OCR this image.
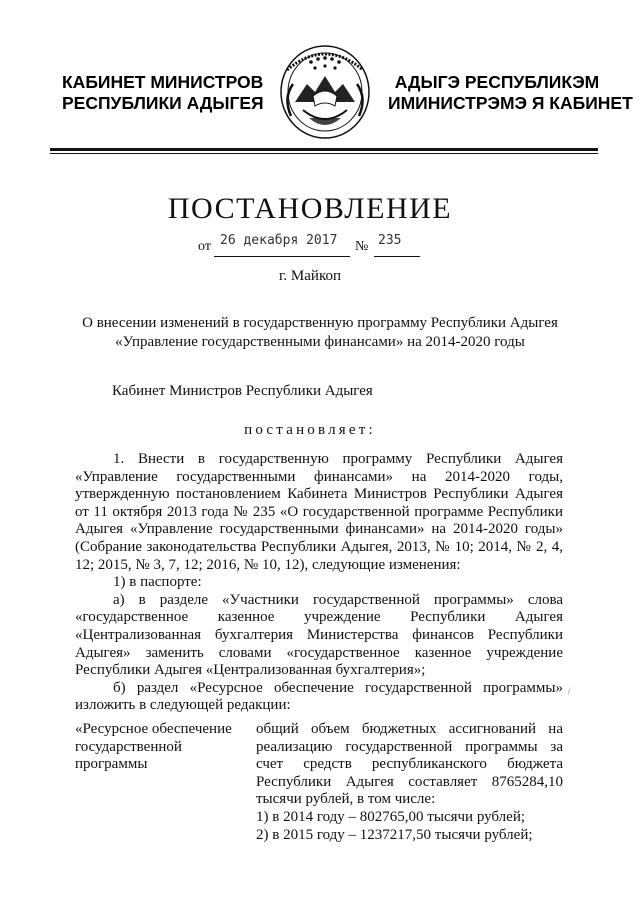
КАБИНЕТ МИНИСТРОВ
РЕСПУБЛИКИ АДЫГЕЯ
АДЫГЭ РЕСПУБЛИКЭМ
ИМИНИСТРЭМЭ Я КАБИНЕТ
ПОСТАНОВЛЕНИЕ
от 26 декабря 2017 № 235
г. Майкоп
О внесении изменений в государственную программу Республики Адыгея
«Управление государственными финансами» на 2014-2020 годы
Кабинет Министров Республики Адыгея
постановляет:

1. Внести в государственную программу Республики Адыгея «Управление государственными финансами» на 2014-2020 годы, утвержденную постановлением Кабинета Министров Республики Адыгея от 11 октября 2013 года № 235 «О государственной программе Республики Адыгея «Управление государственными финансами» на 2014-2020 годы» (Собрание законодательства Республики Адыгея, 2013, № 10; 2014, № 2, 4, 12; 2015, № 3, 7, 12; 2016, № 10, 12), следующие изменения:

1) в паспорте:

а) в разделе «Участники государственной программы» слова «государственное казенное учреждение Республики Адыгея «Централизованная бухгалтерия Министерства финансов Республики Адыгея» заменить словами «государственное казенное учреждение Республики Адыгея «Централизованная бухгалтерия»;

б) раздел «Ресурсное обеспечение государственной программы» изложить в следующей редакции:

/
«Ресурсное обеспечение государственной программы

общий объем бюджетных ассигнований на реализацию государственной программы за счет средств республиканского бюджета Республики Адыгея составляет 8765284,10 тысячи рублей, в том числе:

1) в 2014 году – 802765,00 тысячи рублей;

2) в 2015 году – 1237217,50 тысячи рублей;
